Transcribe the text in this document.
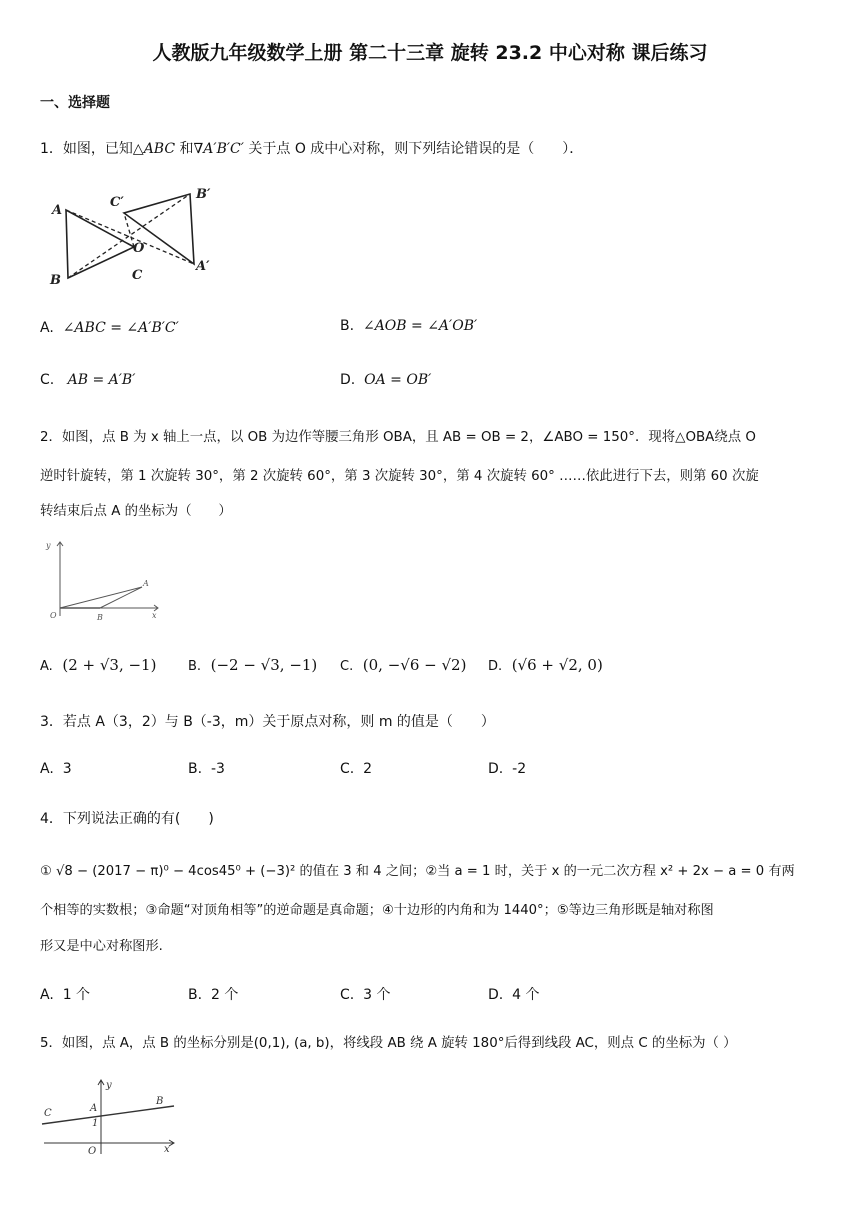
人教版九年级数学上册 第二十三章 旋转 23.2 中心对称 课后练习
一、选择题
1．如图，已知△ABC 和∇A′B′C′ 关于点 O 成中心对称，则下列结论错误的是（　　）．
A
B	C
O
A′
B′
C′
A. ∠ABC = ∠A′B′C′	B. ∠AOB = ∠A′OB′
C. AB = A′B′	D. OA = OB′
2．如图，点 B 为 x 轴上一点，以 OB 为边作等腰三角形 OBA，且 AB = OB = 2，∠ABO = 150°．现将△OBA绕点 O
逆时针旋转，第 1 次旋转 30°，第 2 次旋转 60°，第 3 次旋转 30°，第 4 次旋转 60° ……依此进行下去，则第 60 次旋
转结束后点 A 的坐标为（　　）
y
x
O	B
A
A. (2 + √3, −1) B. (−2 − √3, −1) C. (0, −√6 − √2) D. (√6 + √2, 0)
3．若点 A（3，2）与 B（-3，m）关于原点对称，则 m 的值是（　　）
A. 3	B. -3	C. 2	D. -2
4．下列说法正确的有(　　)
① √8 − (2017 − π)⁰ − 4cos45⁰ + (−3)² 的值在 3 和 4 之间；②当 a = 1 时，关于 x 的一元二次方程 x² + 2x − a = 0 有两
个相等的实数根；③命题“对顶角相等”的逆命题是真命题；④十边形的内角和为 1440°；⑤等边三角形既是轴对称图
形又是中心对称图形.
A. 1 个	B. 2 个	C. 3 个	D. 4 个
5．如图，点 A，点 B 的坐标分别是(0,1), (a, b)，将线段 AB 绕 A 旋转 180°后得到线段 AC，则点 C 的坐标为（ ）
y
x
O
A
B
C
1
